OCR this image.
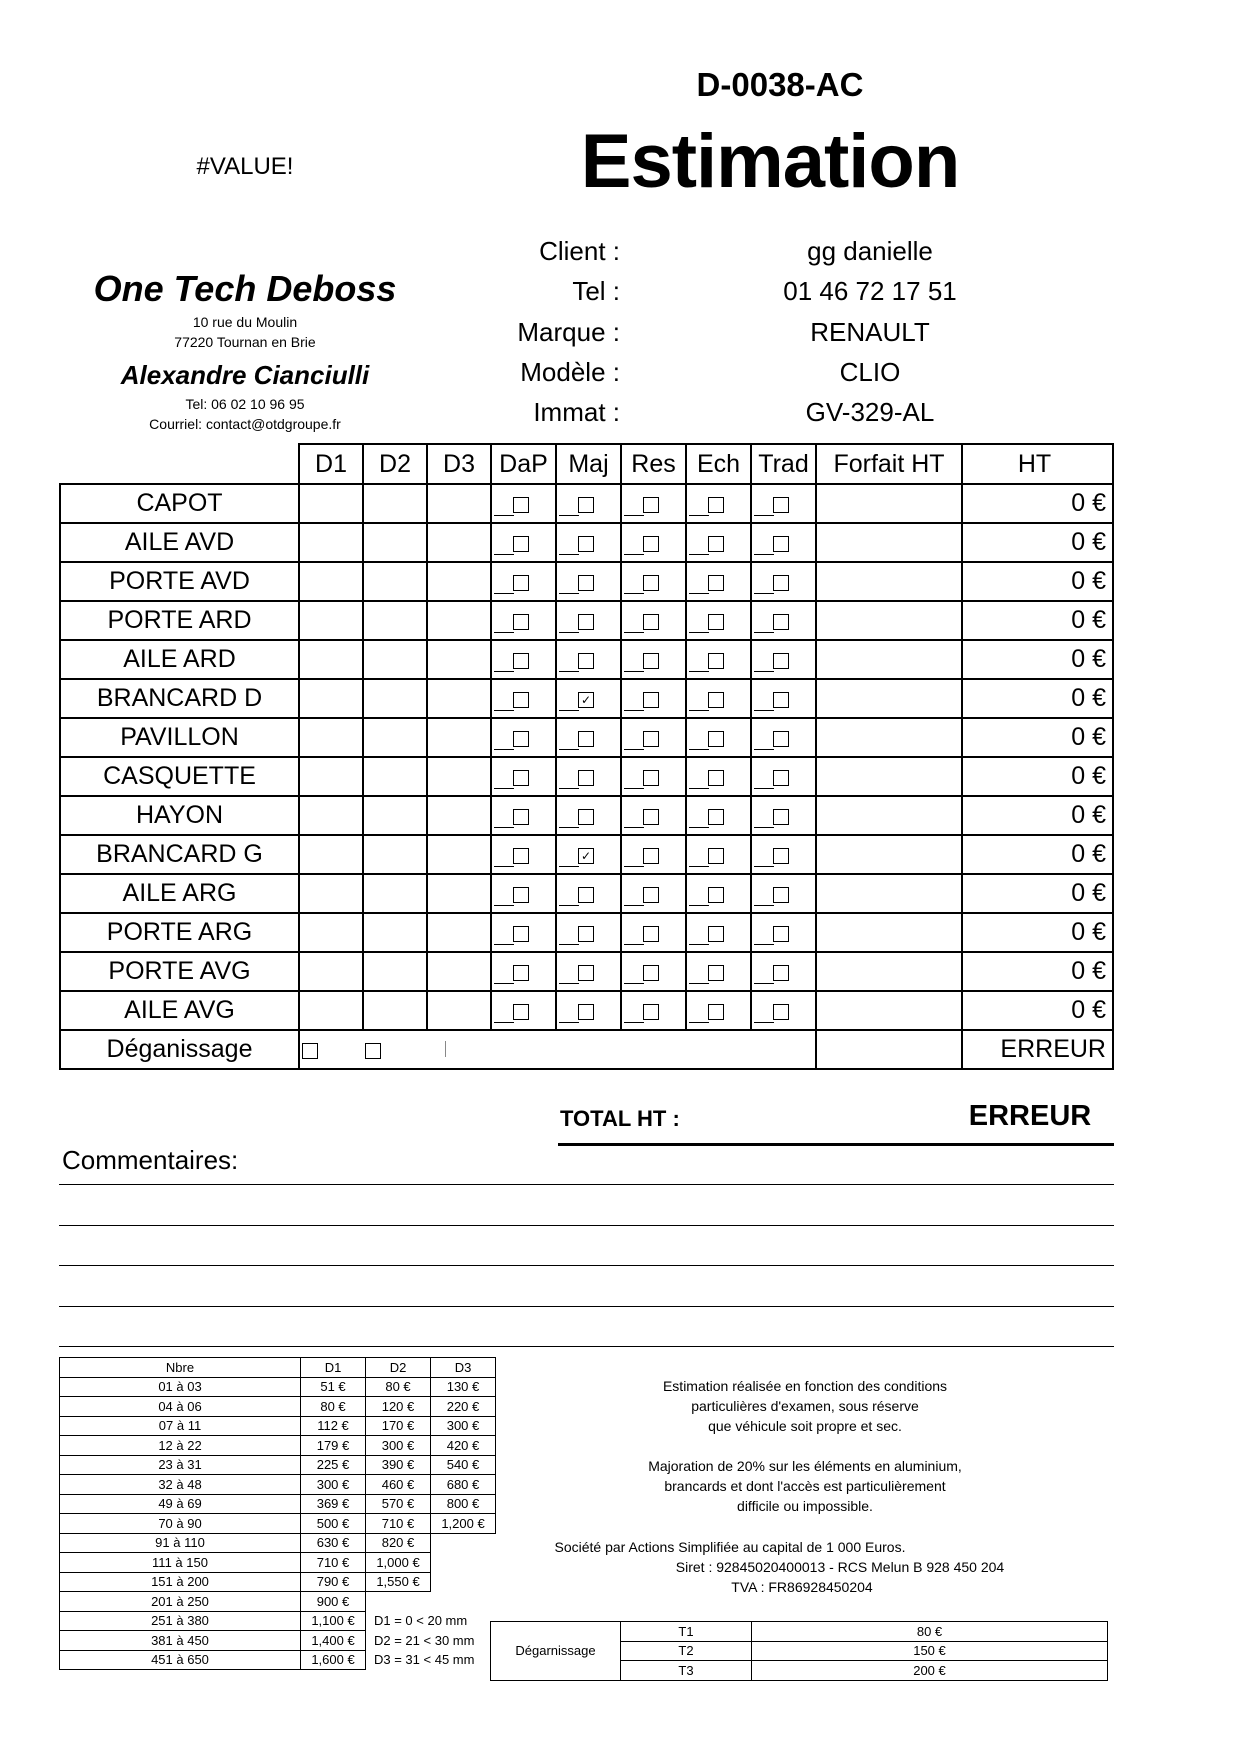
D-0038-AC
Estimation
#VALUE!
One Tech Deboss
10 rue du Moulin
77220 Tournan en Brie
Alexandre Cianciulli
Tel: 06 02 10 96 95
Courriel: contact@otdgroupe.fr
Client :	gg danielle
Tel :	01 46 72 17 51
Marque :	RENAULT
Modèle :	CLIO
Immat :	GV-329-AL
	D1	D2	D3	DaP	Maj	Res	Ech	Trad	Forfait HT	HT
CAPOT										0 €
AILE AVD										0 €
PORTE AVD										0 €
PORTE ARD										0 €
AILE ARD										0 €
BRANCARD D					✓					0 €
PAVILLON										0 €
CASQUETTE										0 €
HAYON										0 €
BRANCARD G					✓					0 €
AILE ARG										0 €
PORTE ARG										0 €
PORTE AVG										0 €
AILE AVG										0 €
Déganissage										ERREUR
TOTAL HT :	ERREUR
Commentaires:
Nbre	D1	D2	D3
01 à 03	51 €	80 €	130 €
04 à 06	80 €	120 €	220 €
07 à 11	112 €	170 €	300 €
12 à 22	179 €	300 €	420 €
23 à 31	225 €	390 €	540 €
32 à 48	300 €	460 €	680 €
49 à 69	369 €	570 €	800 €
70 à 90	500 €	710 €	1,200 €
91 à 110	630 €	820 €	
111 à 150	710 €	1,000 €	
151 à 200	790 €	1,550 €	
201 à 250	900 €		
251 à 380	1,100 €	D1 = 0 < 20 mm	
381 à 450	1,400 €	D2 = 21 < 30 mm	
451 à 650	1,600 €	D3 = 31 < 45 mm	
Estimation réalisée en fonction des conditions
particulières d'examen, sous réserve
que véhicule soit propre et sec.
Majoration de 20% sur les éléments en aluminium,
brancards et dont l'accès est particulièrement
difficile ou impossible.
Société par Actions Simplifiée au capital de 1 000 Euros.
Siret : 92845020400013 - RCS Melun B 928 450 204
TVA : FR86928450204
Dégarnissage	T1	80 €
	T2	150 €
	T3	200 €
